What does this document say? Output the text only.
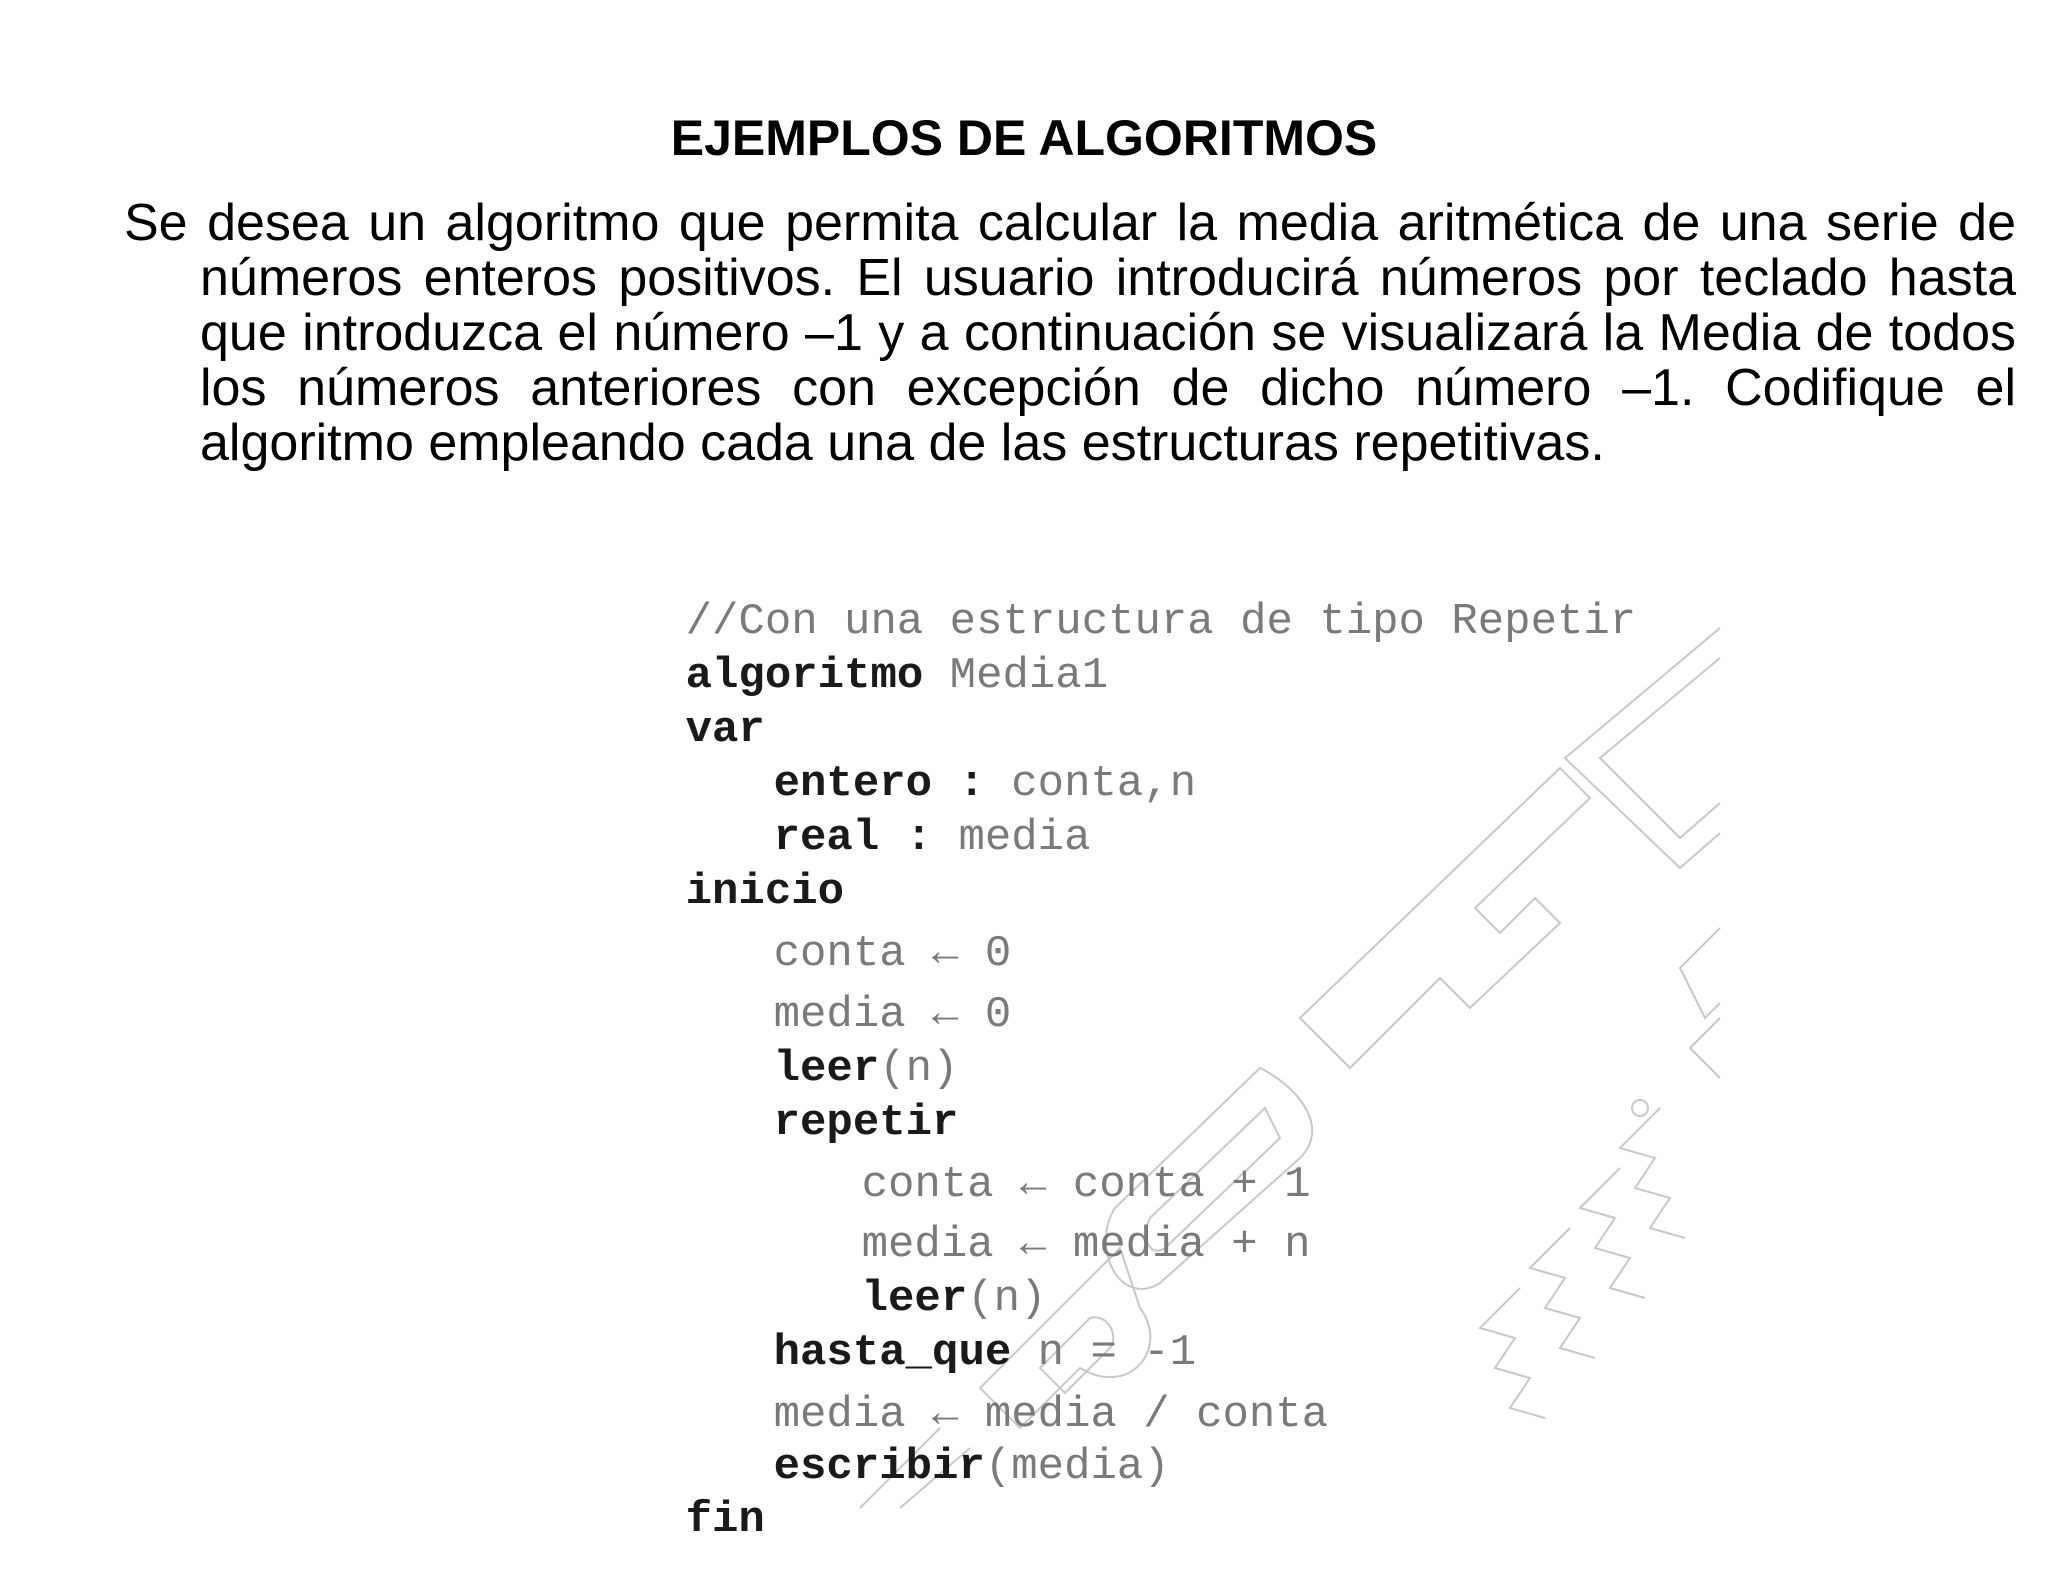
EJEMPLOS DE ALGORITMOS

Se desea un algoritmo que permita calcular la media aritmética de una serie de números enteros positivos. El usuario introducirá números por teclado hasta que introduzca el número –1 y a continuación se visualizará la Media de todos los números anteriores con excepción de dicho número –1. Codifique el algoritmo empleando cada una de las estructuras repetitivas.

//Con una estructura de tipo Repetir

algoritmo Media1

var

entero : conta,n

real : media

inicio

conta ← 0

media ← 0

leer(n)

repetir

conta ← conta + 1

media ← media + n

leer(n)

hasta_que n = -1

media ← media / conta

escribir(media)

fin
